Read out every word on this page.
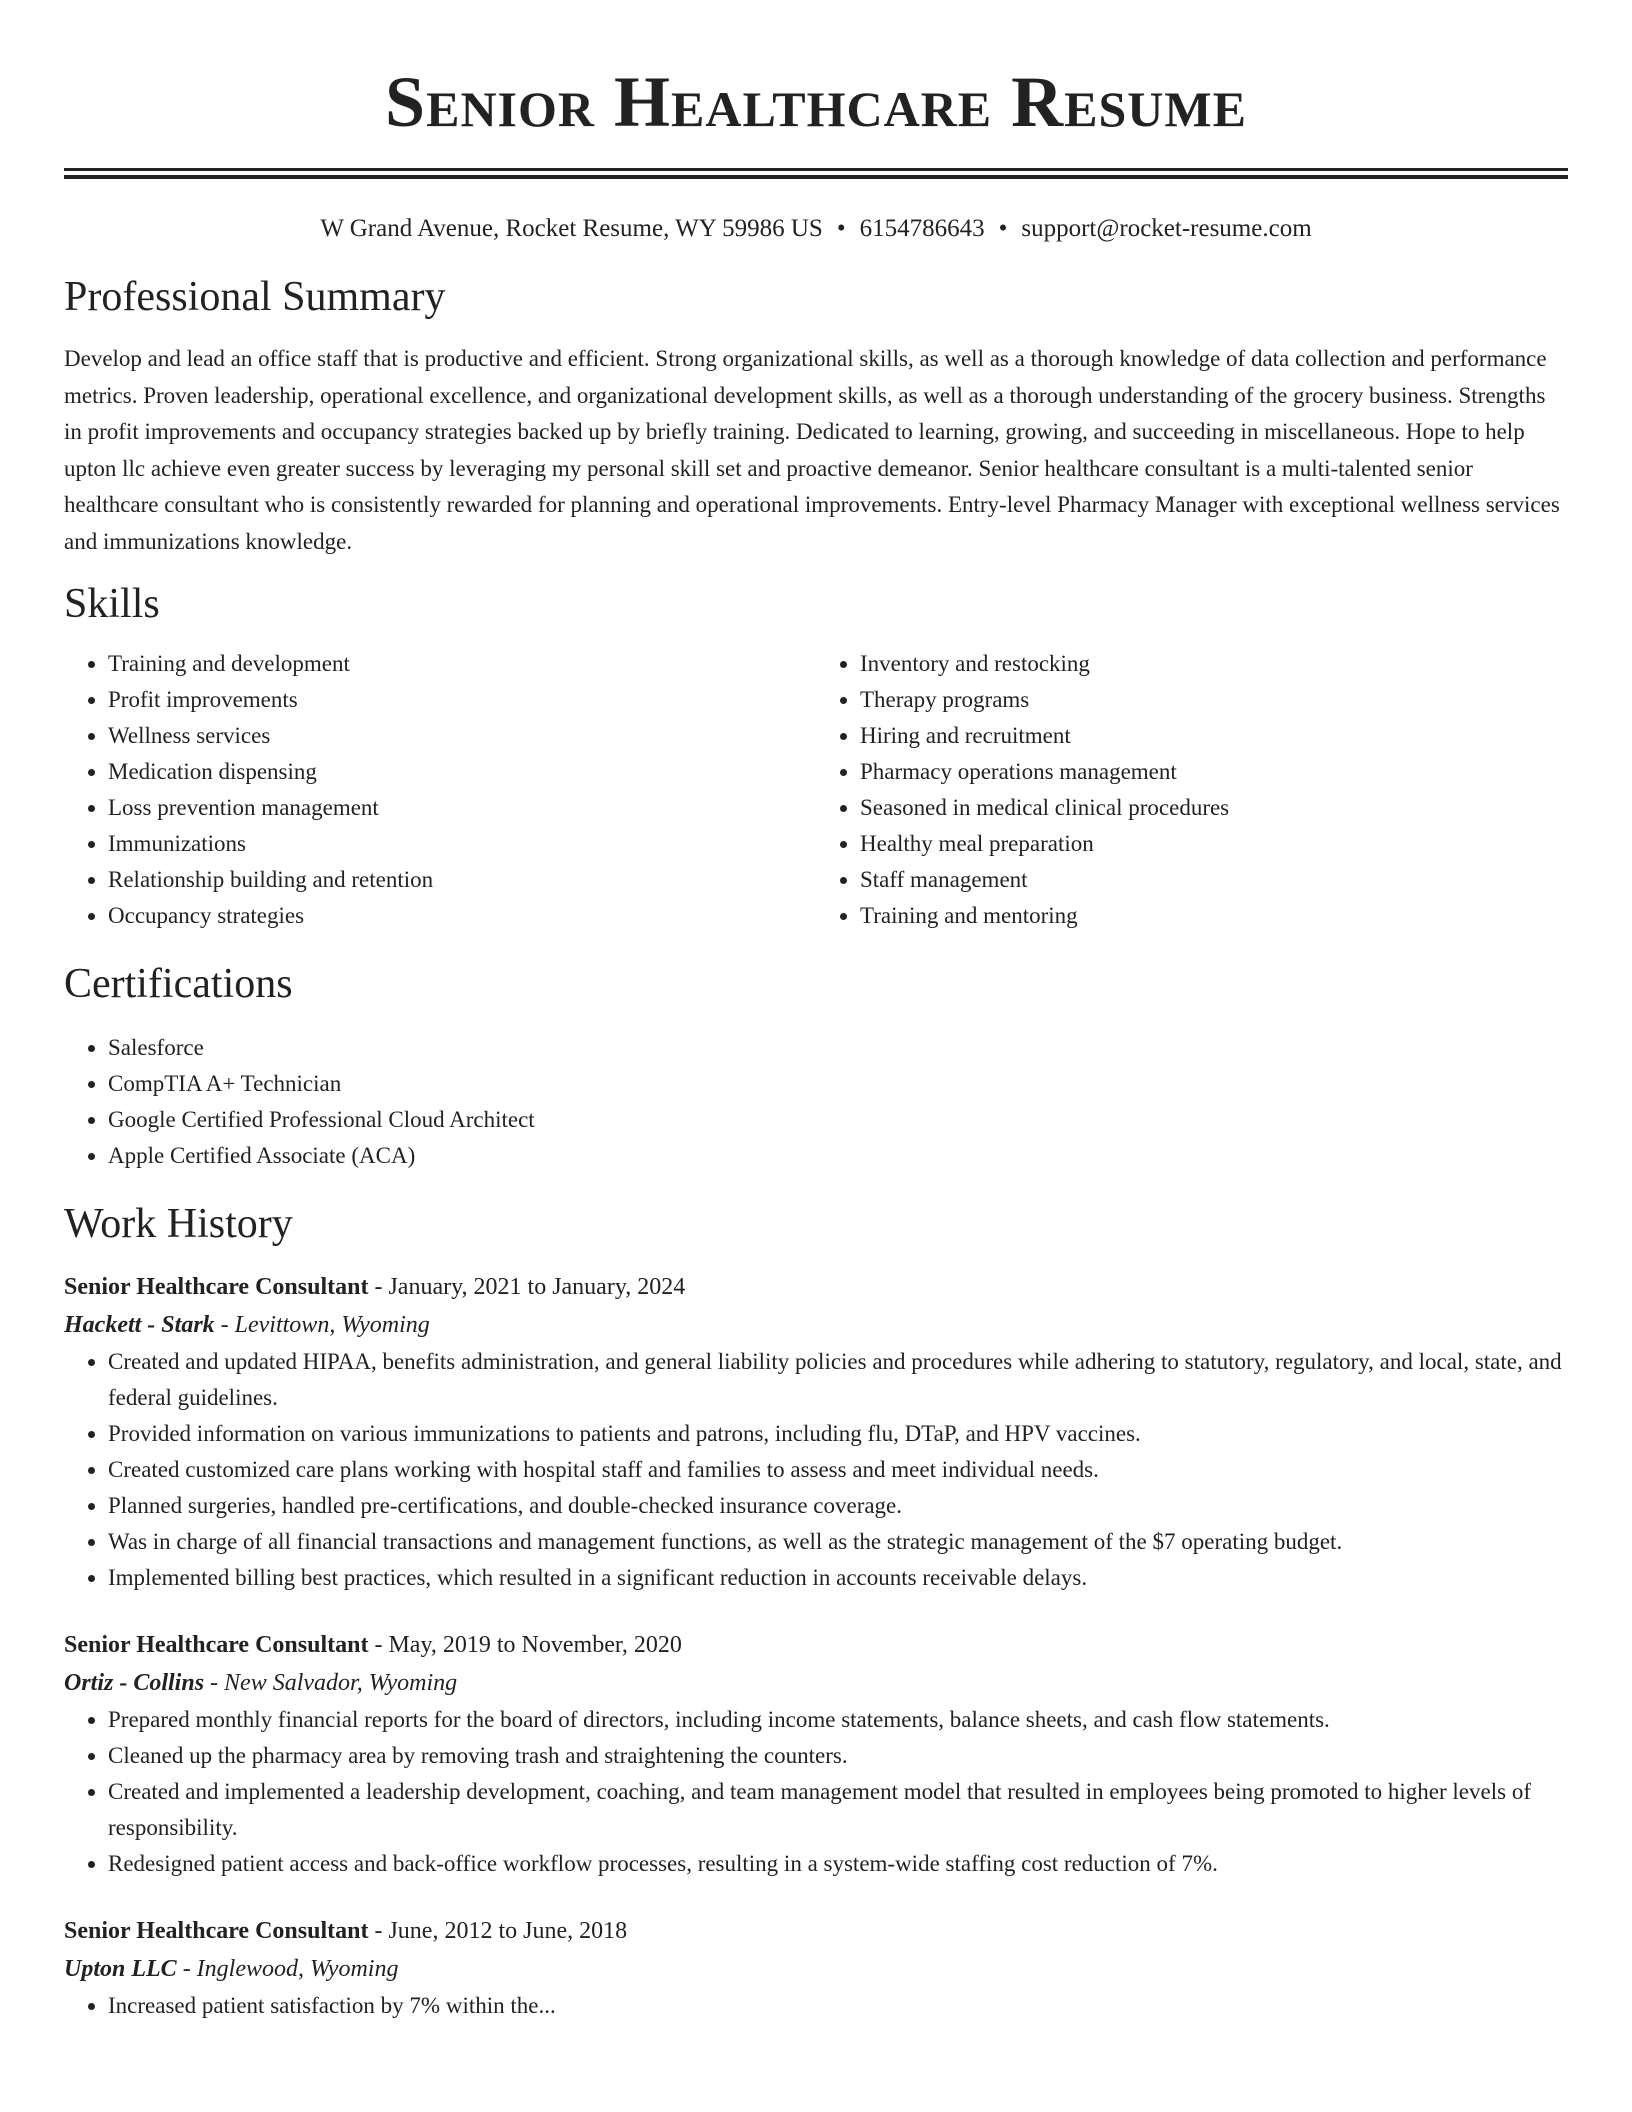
Senior Healthcare Resume
W Grand Avenue, Rocket Resume, WY 59986 US • 6154786643 • support@rocket-resume.com
Professional Summary

Develop and lead an office staff that is productive and efficient. Strong organizational skills, as well as a thorough knowledge of data collection and performance metrics. Proven leadership, operational excellence, and organizational development skills, as well as a thorough understanding of the grocery business. Strengths in profit improvements and occupancy strategies backed up by briefly training. Dedicated to learning, growing, and succeeding in miscellaneous. Hope to help upton llc achieve even greater success by leveraging my personal skill set and proactive demeanor. Senior healthcare consultant is a multi-talented senior healthcare consultant who is consistently rewarded for planning and operational improvements. Entry-level Pharmacy Manager with exceptional wellness services and immunizations knowledge.

Skills
• Training and development
• Profit improvements
• Wellness services
• Medication dispensing
• Loss prevention management
• Immunizations
• Relationship building and retention
• Occupancy strategies
• Inventory and restocking
• Therapy programs
• Hiring and recruitment
• Pharmacy operations management
• Seasoned in medical clinical procedures
• Healthy meal preparation
• Staff management
• Training and mentoring
Certifications
• Salesforce
• CompTIA A+ Technician
• Google Certified Professional Cloud Architect
• Apple Certified Associate (ACA)
Work History
Senior Healthcare Consultant - January, 2021 to January, 2024
Hackett - Stark - Levittown, Wyoming
• Created and updated HIPAA, benefits administration, and general liability policies and procedures while adhering to statutory, regulatory, and local, state, and federal guidelines.
• Provided information on various immunizations to patients and patrons, including flu, DTaP, and HPV vaccines.
• Created customized care plans working with hospital staff and families to assess and meet individual needs.
• Planned surgeries, handled pre-certifications, and double-checked insurance coverage.
• Was in charge of all financial transactions and management functions, as well as the strategic management of the $7 operating budget.
• Implemented billing best practices, which resulted in a significant reduction in accounts receivable delays.
Senior Healthcare Consultant - May, 2019 to November, 2020
Ortiz - Collins - New Salvador, Wyoming
• Prepared monthly financial reports for the board of directors, including income statements, balance sheets, and cash flow statements.
• Cleaned up the pharmacy area by removing trash and straightening the counters.
• Created and implemented a leadership development, coaching, and team management model that resulted in employees being promoted to higher levels of responsibility.
• Redesigned patient access and back-office workflow processes, resulting in a system-wide staffing cost reduction of 7%.
Senior Healthcare Consultant - June, 2012 to June, 2018
Upton LLC - Inglewood, Wyoming
• Increased patient satisfaction by 7% within the...
